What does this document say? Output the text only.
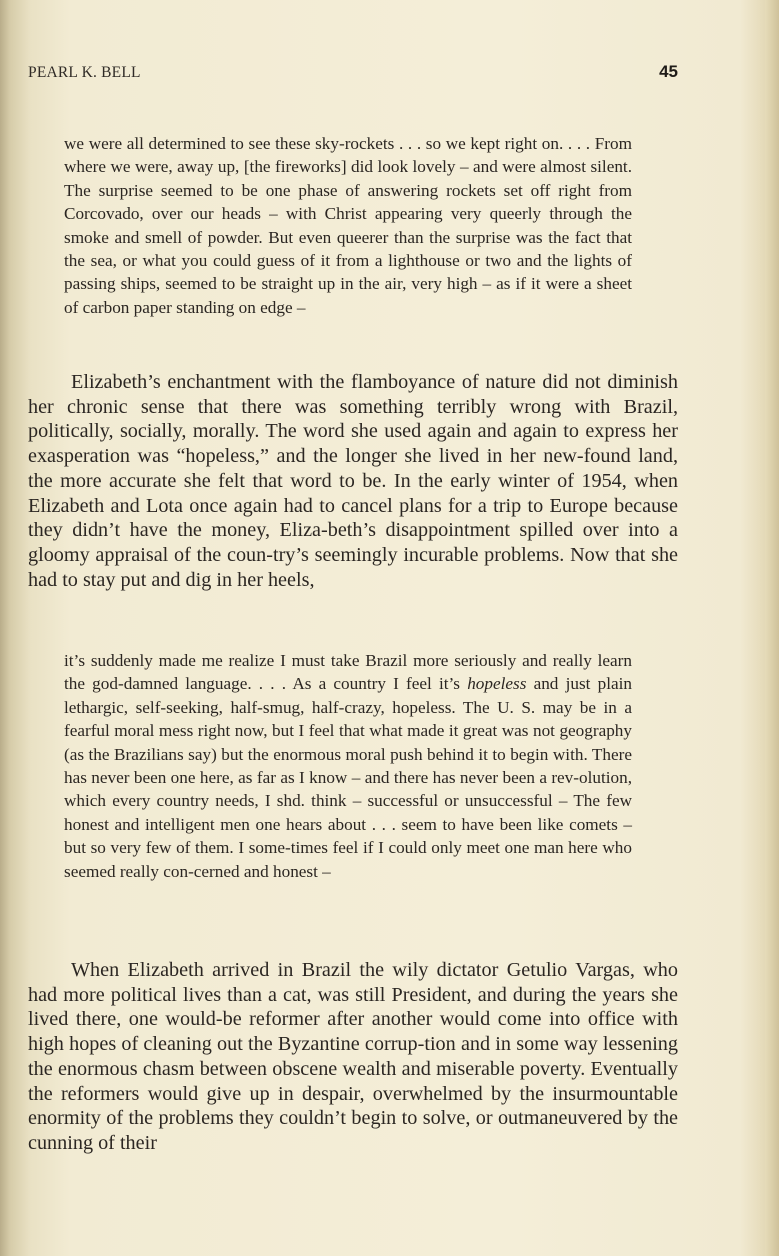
PEARL K. BELL	45

we were all determined to see these sky-rockets . . . so we kept right on. . . . From where we were, away up, [the fireworks] did look lovely – and were almost silent. The surprise seemed to be one phase of answering rockets set off right from Corcovado, over our heads – with Christ appearing very queerly through the smoke and smell of powder. But even queerer than the surprise was the fact that the sea, or what you could guess of it from a lighthouse or two and the lights of passing ships, seemed to be straight up in the air, very high – as if it were a sheet of carbon paper standing on edge –

Elizabeth’s enchantment with the flamboyance of nature did not diminish her chronic sense that there was something terribly wrong with Brazil, politically, socially, morally. The word she used again and again to express her exasperation was “hopeless,” and the longer she lived in her new-found land, the more accurate she felt that word to be. In the early winter of 1954, when Elizabeth and Lota once again had to cancel plans for a trip to Europe because they didn’t have the money, Eliza-beth’s disappointment spilled over into a gloomy appraisal of the coun-try’s seemingly incurable problems. Now that she had to stay put and dig in her heels,

it’s suddenly made me realize I must take Brazil more seriously and really learn the god-damned language. . . . As a country I feel it’s hopeless and just plain lethargic, self-seeking, half-smug, half-crazy, hopeless. The U. S. may be in a fearful moral mess right now, but I feel that what made it great was not geography (as the Brazilians say) but the enormous moral push behind it to begin with. There has never been one here, as far as I know – and there has never been a rev-olution, which every country needs, I shd. think – successful or unsuccessful – The few honest and intelligent men one hears about . . . seem to have been like comets – but so very few of them. I some-times feel if I could only meet one man here who seemed really con-cerned and honest –

When Elizabeth arrived in Brazil the wily dictator Getulio Vargas, who had more political lives than a cat, was still President, and during the years she lived there, one would-be reformer after another would come into office with high hopes of cleaning out the Byzantine corrup-tion and in some way lessening the enormous chasm between obscene wealth and miserable poverty. Eventually the reformers would give up in despair, overwhelmed by the insurmountable enormity of the problems they couldn’t begin to solve, or outmaneuvered by the cunning of their
